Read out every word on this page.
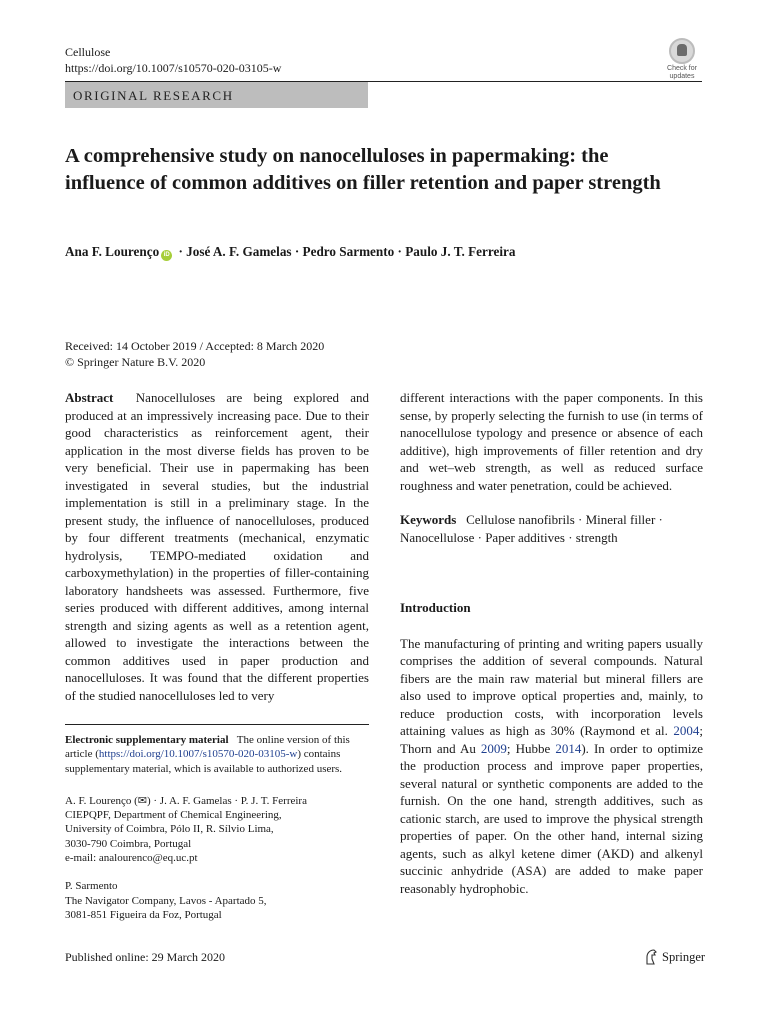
Cellulose
https://doi.org/10.1007/s10570-020-03105-w	Check for
updates
ORIGINAL RESEARCH
A comprehensive study on nanocelluloses in papermaking: the influence of common additives on filler retention and paper strength
Ana F. Lourenço iD · José A. F. Gamelas · Pedro Sarmento · Paulo J. T. Ferreira
Received: 14 October 2019 / Accepted: 8 March 2020
© Springer Nature B.V. 2020

Abstract Nanocelluloses are being explored and produced at an impressively increasing pace. Due to their good characteristics as reinforcement agent, their application in the most diverse fields has proven to be very beneficial. Their use in papermaking has been investigated in several studies, but the industrial implementation is still in a preliminary stage. In the present study, the influence of nanocelluloses, produced by four different treatments (mechanical, enzymatic hydrolysis, TEMPO-mediated oxidation and carboxymethylation) in the properties of filler-containing laboratory handsheets was assessed. Furthermore, five series produced with different additives, among internal strength and sizing agents as well as a retention agent, allowed to investigate the interactions between the common additives used in paper production and nanocelluloses. It was found that the different properties of the studied nanocelluloses led to very

different interactions with the paper components. In this sense, by properly selecting the furnish to use (in terms of nanocellulose typology and presence or absence of each additive), high improvements of filler retention and dry and wet–web strength, as well as reduced surface roughness and water penetration, could be achieved.

Keywords Cellulose nanofibrils · Mineral filler · Nanocellulose · Paper additives · strength

Introduction

The manufacturing of printing and writing papers usually comprises the addition of several compounds. Natural fibers are the main raw material but mineral fillers are also used to improve optical properties and, mainly, to reduce production costs, with incorporation levels attaining values as high as 30% (Raymond et al. 2004; Thorn and Au 2009; Hubbe 2014). In order to optimize the production process and improve paper properties, several natural or synthetic components are added to the furnish. On the one hand, strength additives, such as cationic starch, are used to improve the physical strength properties of paper. On the other hand, internal sizing agents, such as alkyl ketene dimer (AKD) and alkenyl succinic anhydride (ASA) are added to make paper reasonably hydrophobic.

Electronic supplementary material The online version of this article (https://doi.org/10.1007/s10570-020-03105-w) contains supplementary material, which is available to authorized users.

A. F. Lourenço (✉) · J. A. F. Gamelas · P. J. T. Ferreira

CIEPQPF, Department of Chemical Engineering,

University of Coimbra, Pólo II, R. Sílvio Lima,

3030-790 Coimbra, Portugal

e-mail: analourenco@eq.uc.pt

P. Sarmento

The Navigator Company, Lavos - Apartado 5,

3081-851 Figueira da Foz, Portugal

Published online: 29 March 2020	Springer
